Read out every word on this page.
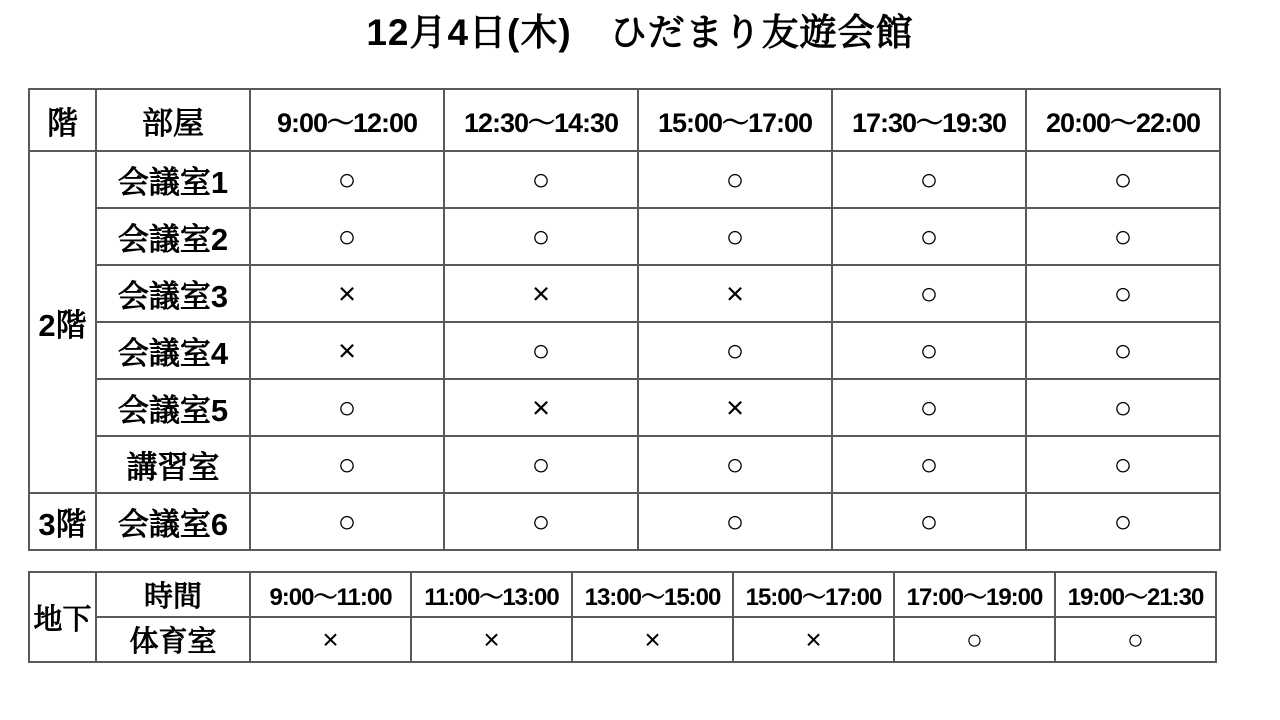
12月4日(木)　ひだまり友遊会館
階	部屋	9:00〜12:00	12:30〜14:30	15:00〜17:00	17:30〜19:30	20:00〜22:00
2階	会議室1	○	○	○	○	○
	会議室2	○	○	○	○	○
	会議室3	×	×	×	○	○
	会議室4	×	○	○	○	○
	会議室5	○	×	×	○	○
	講習室	○	○	○	○	○
3階	会議室6	○	○	○	○	○
地下	時間	9:00〜11:00	11:00〜13:00	13:00〜15:00	15:00〜17:00	17:00〜19:00	19:00〜21:30
	体育室	×	×	×	×	○	○
